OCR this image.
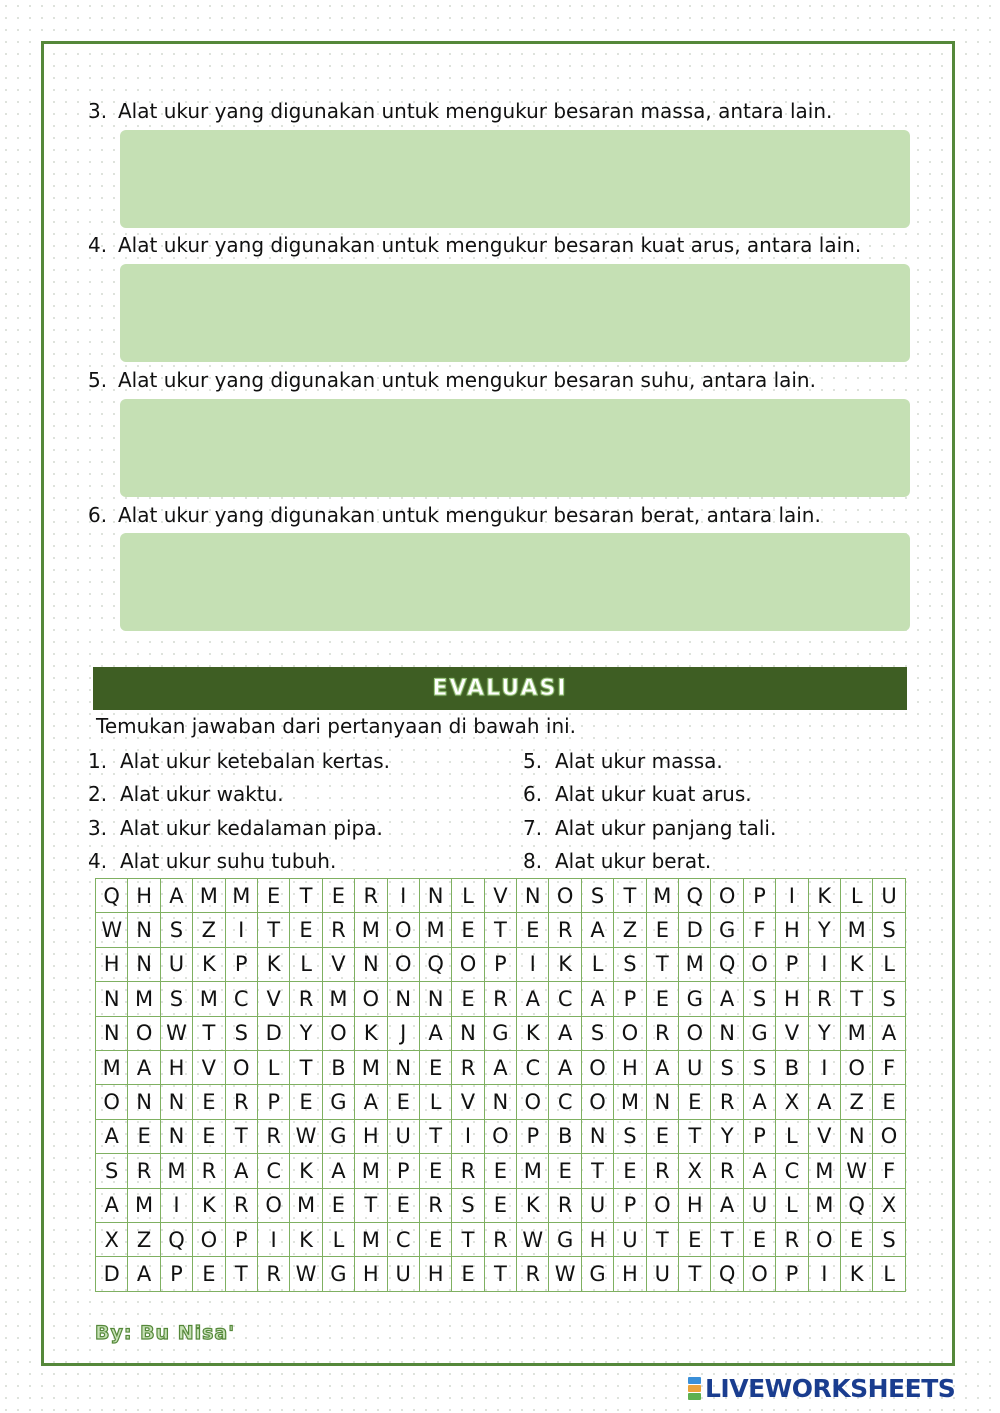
3. Alat ukur yang digunakan untuk mengukur besaran massa, antara lain.
4. Alat ukur yang digunakan untuk mengukur besaran kuat arus, antara lain.
5. Alat ukur yang digunakan untuk mengukur besaran suhu, antara lain.
6. Alat ukur yang digunakan untuk mengukur besaran berat, antara lain.
EVALUASI
Temukan jawaban dari pertanyaan di bawah ini.
1. Alat ukur ketebalan kertas.
2. Alat ukur waktu.
3. Alat ukur kedalaman pipa.
4. Alat ukur suhu tubuh.
5. Alat ukur massa.
6. Alat ukur kuat arus.
7. Alat ukur panjang tali.
8. Alat ukur berat.
Q	H	A	M	M	E	T	E	R	I	N	L	V	N	O	S	T	M	Q	O	P	I	K	L	U
W	N	S	Z	I	T	E	R	M	O	M	E	T	E	R	A	Z	E	D	G	F	H	Y	M	S
H	N	U	K	P	K	L	V	N	O	Q	O	P	I	K	L	S	T	M	Q	O	P	I	K	L
N	M	S	M	C	V	R	M	O	N	N	E	R	A	C	A	P	E	G	A	S	H	R	T	S
N	O	W	T	S	D	Y	O	K	J	A	N	G	K	A	S	O	R	O	N	G	V	Y	M	A
M	A	H	V	O	L	T	B	M	N	E	R	A	C	A	O	H	A	U	S	S	B	I	O	F
O	N	N	E	R	P	E	G	A	E	L	V	N	O	C	O	M	N	E	R	A	X	A	Z	E
A	E	N	E	T	R	W	G	H	U	T	I	O	P	B	N	S	E	T	Y	P	L	V	N	O
S	R	M	R	A	C	K	A	M	P	E	R	E	M	E	T	E	R	X	R	A	C	M	W	F
A	M	I	K	R	O	M	E	T	E	R	S	E	K	R	U	P	O	H	A	U	L	M	Q	X
X	Z	Q	O	P	I	K	L	M	C	E	T	R	W	G	H	U	T	E	T	E	R	O	E	S
D	A	P	E	T	R	W	G	H	U	H	E	T	R	W	G	H	U	T	Q	O	P	I	K	L
By: Bu Nisa'
LIVEWORKSHEETS
